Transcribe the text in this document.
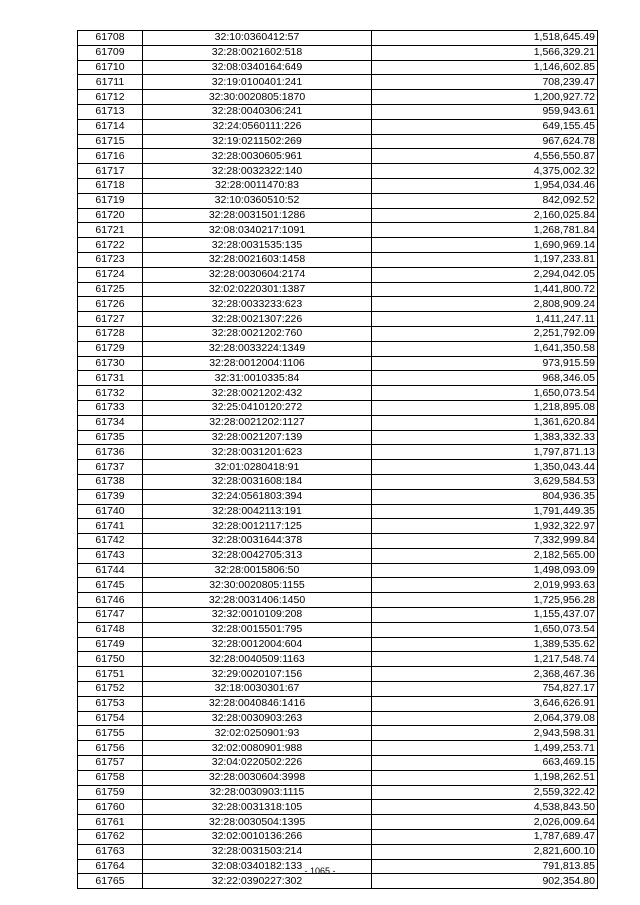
61708	32:10:0360412:57	1,518,645.49
61709	32:28:0021602:518	1,566,329.21
61710	32:08:0340164:649	1,146,602.85
61711	32:19:0100401:241	708,239.47
61712	32:30:0020805:1870	1,200,927.72
61713	32:28:0040306:241	959,943.61
61714	32:24:0560111:226	649,155.45
61715	32:19:0211502:269	967,624.78
61716	32:28:0030605:961	4,556,550.87
61717	32:28:0032322:140	4,375,002.32
61718	32:28:0011470:83	1,954,034.46
61719	32:10:0360510:52	842,092.52
61720	32:28:0031501:1286	2,160,025.84
61721	32:08:0340217:1091	1,268,781.84
61722	32:28:0031535:135	1,690,969.14
61723	32:28:0021603:1458	1,197,233.81
61724	32:28:0030604:2174	2,294,042.05
61725	32:02:0220301:1387	1,441,800.72
61726	32:28:0033233:623	2,808,909.24
61727	32:28:0021307:226	1,411,247.11
61728	32:28:0021202:760	2,251,792.09
61729	32:28:0033224:1349	1,641,350.58
61730	32:28:0012004:1106	973,915.59
61731	32:31:0010335:84	968,346.05
61732	32:28:0021202:432	1,650,073.54
61733	32:25:0410120:272	1,218,895.08
61734	32:28:0021202:1127	1,361,620.84
61735	32:28:0021207:139	1,383,332.33
61736	32:28:0031201:623	1,797,871.13
61737	32:01:0280418:91	1,350,043.44
61738	32:28:0031608:184	3,629,584.53
61739	32:24:0561803:394	804,936.35
61740	32:28:0042113:191	1,791,449.35
61741	32:28:0012117:125	1,932,322.97
61742	32:28:0031644:378	7,332,999.84
61743	32:28:0042705:313	2,182,565.00
61744	32:28:0015806:50	1,498,093.09
61745	32:30:0020805:1155	2,019,993.63
61746	32:28:0031406:1450	1,725,956.28
61747	32:32:0010109:208	1,155,437.07
61748	32:28:0015501:795	1,650,073.54
61749	32:28:0012004:604	1,389,535.62
61750	32:28:0040509:1163	1,217,548.74
61751	32:29:0020107:156	2,368,467.36
61752	32:18:0030301:67	754,827.17
61753	32:28:0040846:1416	3,646,626.91
61754	32:28:0030903:263	2,064,379.08
61755	32:02:0250901:93	2,943,598.31
61756	32:02:0080901:988	1,499,253.71
61757	32:04:0220502:226	663,469.15
61758	32:28:0030604:3998	1,198,262.51
61759	32:28:0030903:1115	2,559,322.42
61760	32:28:0031318:105	4,538,843.50
61761	32:28:0030504:1395	2,026,009.64
61762	32:02:0010136:266	1,787,689.47
61763	32:28:0031503:214	2,821,600.10
61764	32:08:0340182:133	791,813.85
61765	32:22:0390227:302	902,354.80
- 1065 -
